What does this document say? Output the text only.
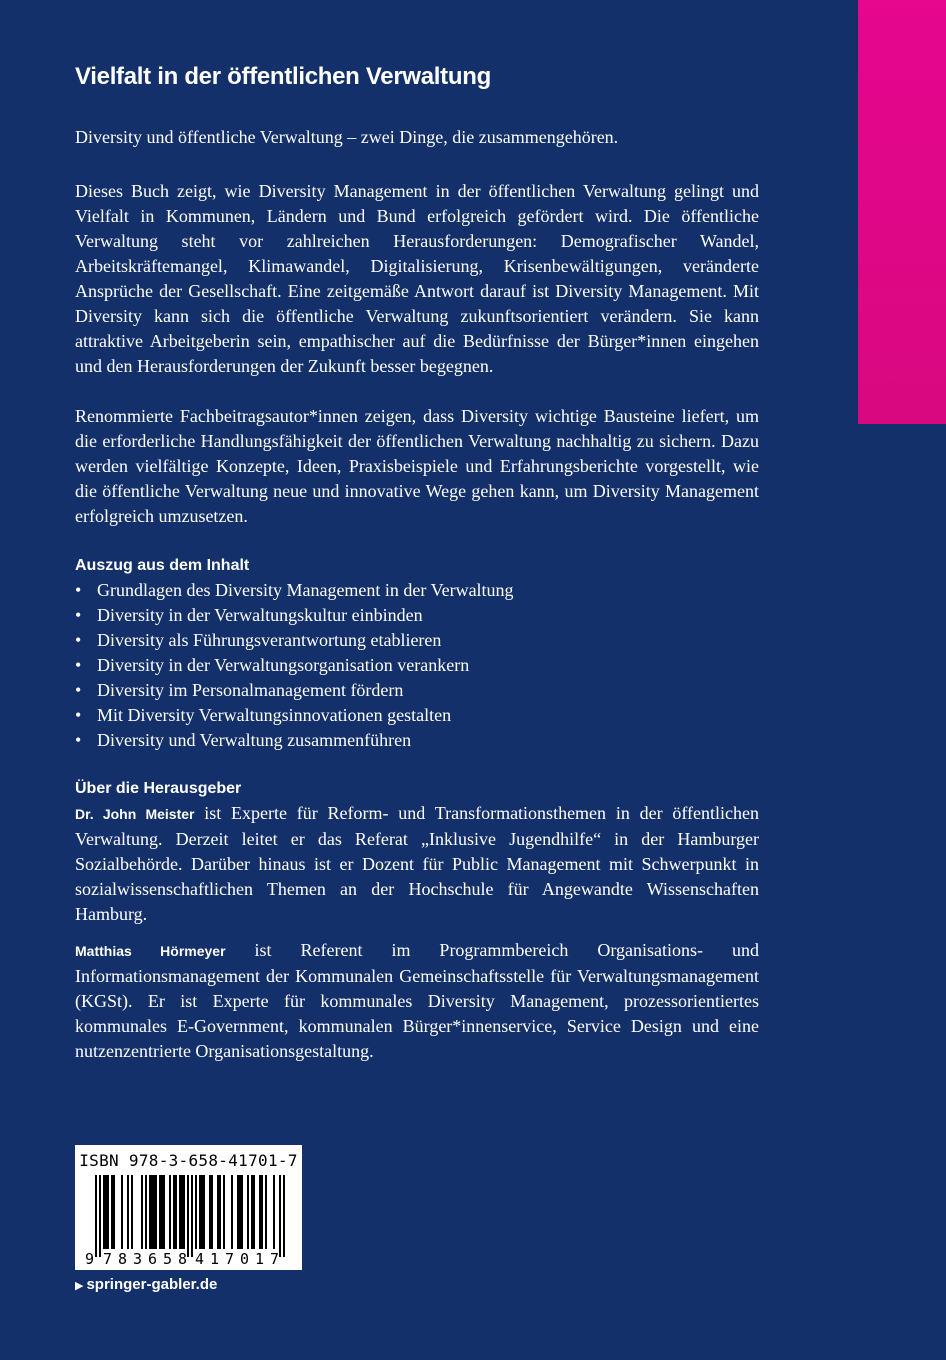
Vielfalt in der öffentlichen Verwaltung

Diversity und öffentliche Verwaltung – zwei Dinge, die zusammengehören.

Dieses Buch zeigt, wie Diversity Management in der öffentlichen Verwaltung gelingt und Vielfalt in Kommunen, Ländern und Bund erfolgreich gefördert wird. Die öffentliche Verwaltung steht vor zahlreichen Herausforderungen: Demografischer Wandel, Arbeitskräftemangel, Klimawandel, Digitalisierung, Krisenbewältigungen, veränderte Ansprüche der Gesellschaft. Eine zeitgemäße Antwort darauf ist Diversity Management. Mit Diversity kann sich die öffentliche Verwaltung zukunftsorientiert verändern. Sie kann attraktive Arbeitgeberin sein, empathischer auf die Bedürfnisse der Bürger*innen eingehen und den Herausforderungen der Zukunft besser begegnen.

Renommierte Fachbeitragsautor*innen zeigen, dass Diversity wichtige Bausteine liefert, um die erforderliche Handlungsfähigkeit der öffentlichen Verwaltung nachhaltig zu sichern. Dazu werden vielfältige Konzepte, Ideen, Praxisbeispiele und Erfahrungsberichte vorgestellt, wie die öffentliche Verwaltung neue und innovative Wege gehen kann, um Diversity Management erfolgreich umzusetzen.

Auszug aus dem Inhalt
• Grundlagen des Diversity Management in der Verwaltung
• Diversity in der Verwaltungskultur einbinden
• Diversity als Führungsverantwortung etablieren
• Diversity in der Verwaltungsorganisation verankern
• Diversity im Personalmanagement fördern
• Mit Diversity Verwaltungsinnovationen gestalten
• Diversity und Verwaltung zusammenführen
Über die Herausgeber

Dr. John Meister ist Experte für Reform- und Transformationsthemen in der öffentlichen Verwaltung. Derzeit leitet er das Referat „Inklusive Jugendhilfe“ in der Hamburger Sozialbehörde. Darüber hinaus ist er Dozent für Public Management mit Schwerpunkt in sozialwissenschaftlichen Themen an der Hochschule für Angewandte Wissenschaften Hamburg.

Matthias Hörmeyer ist Referent im Programmbereich Organisations- und Informationsmanagement der Kommunalen Gemeinschaftsstelle für Verwaltungsmanagement (KGSt). Er ist Experte für kommunales Diversity Management, prozessorientiertes kommunales E-Government, kommunalen Bürger*innenservice, Service Design und eine nutzenzentrierte Organisationsgestaltung.

ISBN 978-3-658-41701-7
9 783658 417017
▶ springer-gabler.de
